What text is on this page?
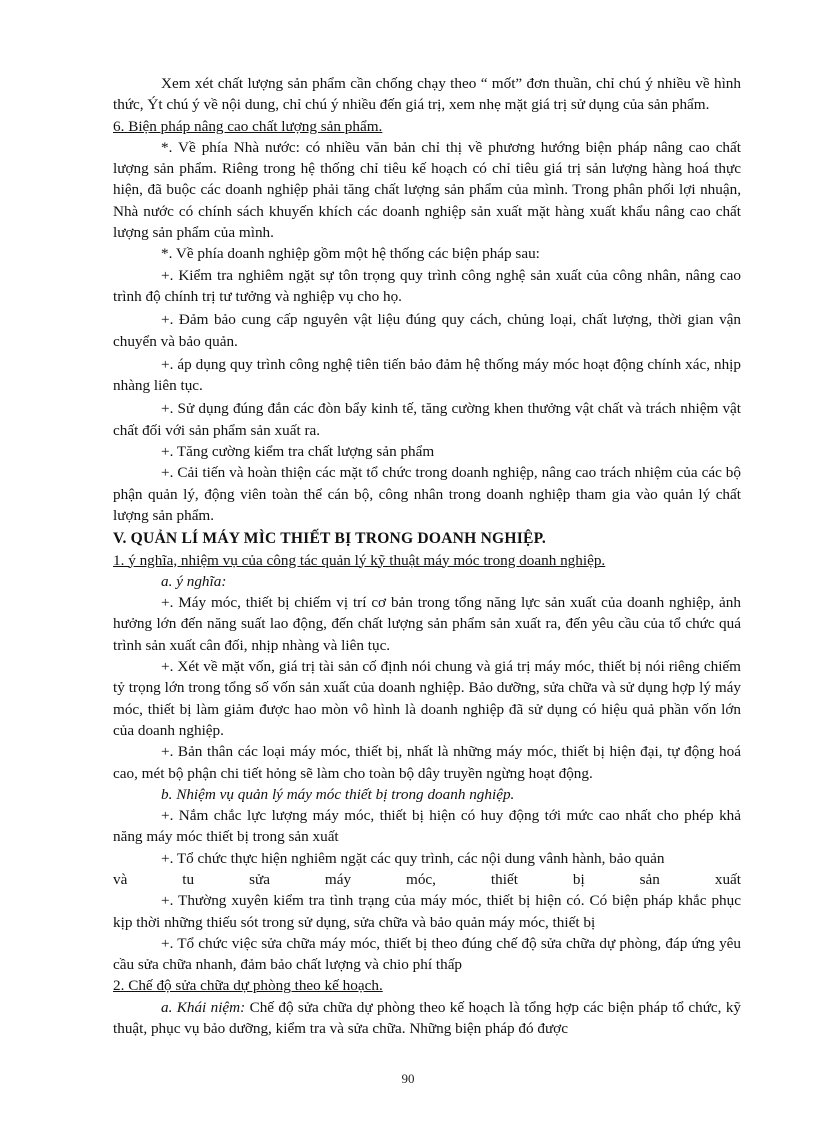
Xem xét chất lượng sản phẩm cần chống chạy theo “ mốt” đơn thuần, chỉ chú ý nhiều về hình thức, Ýt chú ý về nội dung, chỉ chú ý nhiều đến giá trị, xem nhẹ mặt giá trị sử dụng của sản phẩm.

6. Biện pháp nâng cao chất lượng sản phẩm.

*. Về phía Nhà nước: có nhiều văn bản chỉ thị về phương hướng biện pháp nâng cao chất lượng sản phẩm. Riêng trong hệ thống chỉ tiêu kế hoạch có chỉ tiêu giá trị sản lượng hàng hoá thực hiện, đã buộc các doanh nghiệp phải tăng chất lượng sản phẩm của mình. Trong phân phối lợi nhuận, Nhà nước có chính sách khuyến khích các doanh nghiệp sản xuất mặt hàng xuất khẩu nâng cao chất lượng sản phẩm của mình.

*. Về phía doanh nghiệp gồm một hệ thống các biện pháp sau:

+. Kiểm tra nghiêm ngặt sự tôn trọng quy trình công nghệ sản xuất của công nhân, nâng cao trình độ chính trị tư tưởng và nghiệp vụ cho họ.

+. Đảm bảo cung cấp nguyên vật liệu đúng quy cách, chủng loại, chất lượng, thời gian vận chuyển và bảo quản.

+. áp dụng quy trình công nghệ tiên tiến bảo đảm hệ thống máy móc hoạt động chính xác, nhịp nhàng liên tục.

+. Sử dụng đúng đắn các đòn bẩy kinh tế, tăng cường khen thưởng vật chất và trách nhiệm vật chất đối với sản phẩm sản xuất ra.

+. Tăng cường kiểm tra chất lượng sản phẩm

+. Cải tiến và hoàn thiện các mặt tổ chức trong doanh nghiệp, nâng cao trách nhiệm của các bộ phận quản lý, động viên toàn thể cán bộ, công nhân trong doanh nghiệp tham gia vào quản lý chất lượng sản phẩm.

V. QUẢN LÍ MÁY MÌC THIẾT BỊ TRONG DOANH NGHIỆP.

1. ý nghĩa, nhiệm vụ của công tác quản lý kỹ thuật máy móc trong doanh nghiệp.

a. ý nghĩa:

+. Máy móc, thiết bị chiếm vị trí cơ bản trong tổng năng lực sản xuất của doanh nghiệp, ảnh hưởng lớn đến năng suất lao động, đến chất lượng sản phẩm sản xuất ra, đến yêu cầu của tổ chức quá trình sản xuất cân đối, nhịp nhàng và liên tục.

+. Xét về mặt vốn, giá trị tài sản cố định nói chung và giá trị máy móc, thiết bị nói riêng chiếm tỷ trọng lớn trong tổng số vốn sản xuất của doanh nghiệp. Bảo dưỡng, sửa chữa và sử dụng hợp lý máy móc, thiết bị làm giảm được hao mòn vô hình là doanh nghiệp đã sử dụng có hiệu quả phần vốn lớn của doanh nghiệp.

+. Bản thân các loại máy móc, thiết bị, nhất là những máy móc, thiết bị hiện đại, tự động hoá cao, mét bộ phận chi tiết hỏng sẽ làm cho toàn bộ dây truyền ngừng hoạt động.

b. Nhiệm vụ quản lý máy móc thiết bị trong doanh nghiệp.

+. Nắm chắc lực lượng máy móc, thiết bị hiện có huy động tới mức cao nhất cho phép khả năng máy móc thiết bị trong sản xuất

+. Tổ chức thực hiện nghiêm ngặt các quy trình, các nội dung vânh hành, bảo quản

và tu sửa máy móc, thiết bị sản xuất

+. Thường xuyên kiểm tra tình trạng của máy móc, thiết bị hiện có. Có biện pháp khắc phục kịp thời những thiếu sót trong sử dụng, sửa chữa và bảo quản máy móc, thiết bị

+. Tổ chức việc sửa chữa máy móc, thiết bị theo đúng chế độ sửa chữa dự phòng, đáp ứng yêu cầu sửa chữa nhanh, đảm bảo chất lượng và chio phí thấp

2. Chế độ sửa chữa dự phòng theo kế hoạch.

a. Khái niệm: Chế độ sửa chữa dự phòng theo kế hoạch là tổng hợp các biện pháp tổ chức, kỹ thuật, phục vụ bảo dưỡng, kiểm tra và sửa chữa. Những biện pháp đó được

90
